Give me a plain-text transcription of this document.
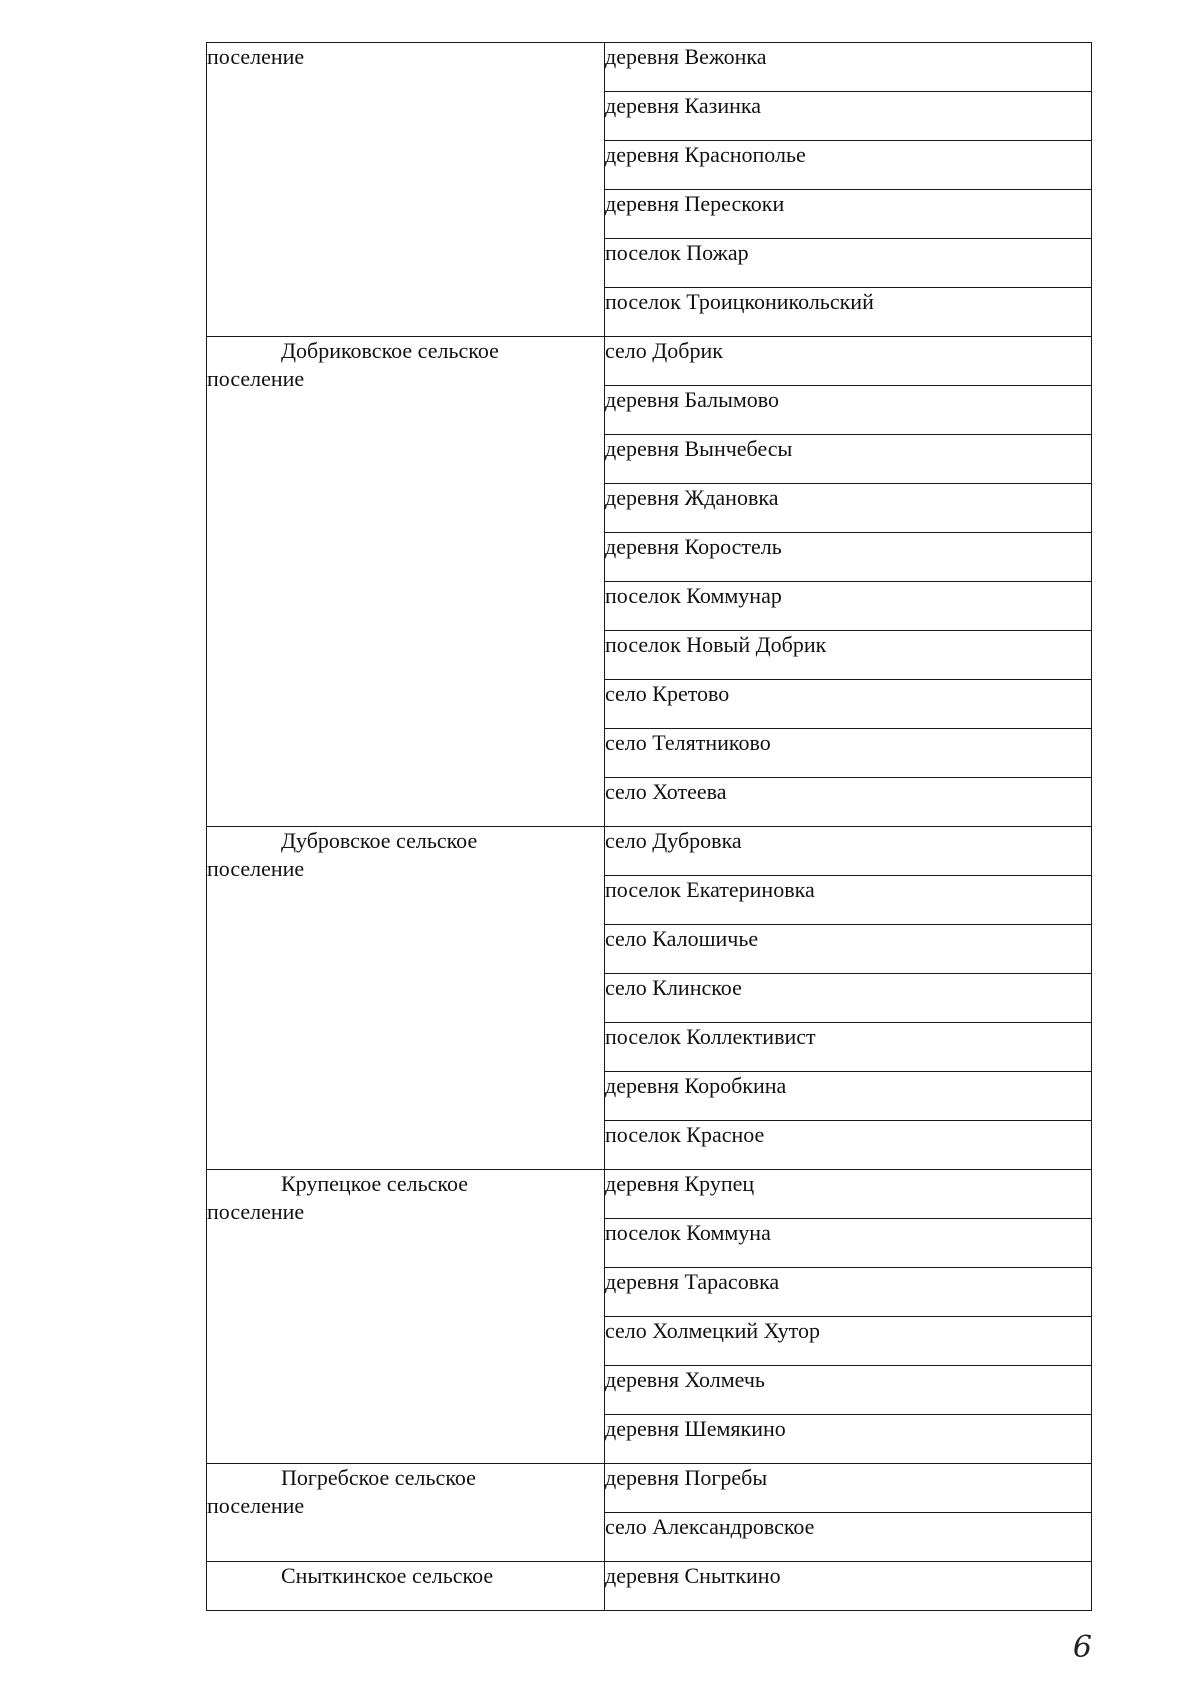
поселение	деревня Вежонка
	деревня Казинка
	деревня Краснополье
	деревня Перескоки
	поселок Пожар
	поселок Троицконикольский

Добриковское сельское
поселение	село Добрик
	деревня Балымово
	деревня Вынчебесы
	деревня Ждановка
	деревня Коростель
	поселок Коммунар
	поселок Новый Добрик
	село Кретово
	село Телятниково
	село Хотеева

Дубровское сельское
поселение	село Дубровка
	поселок Екатериновка
	село Калошичье
	село Клинское
	поселок Коллективист
	деревня Коробкина
	поселок Красное

Крупецкое сельское
поселение	деревня Крупец
	поселок Коммуна
	деревня Тарасовка
	село Холмецкий Хутор
	деревня Холмечь
	деревня Шемякино

Погребское сельское
поселение	деревня Погребы
	село Александровское

Сныткинское сельское	деревня Сныткино
6
